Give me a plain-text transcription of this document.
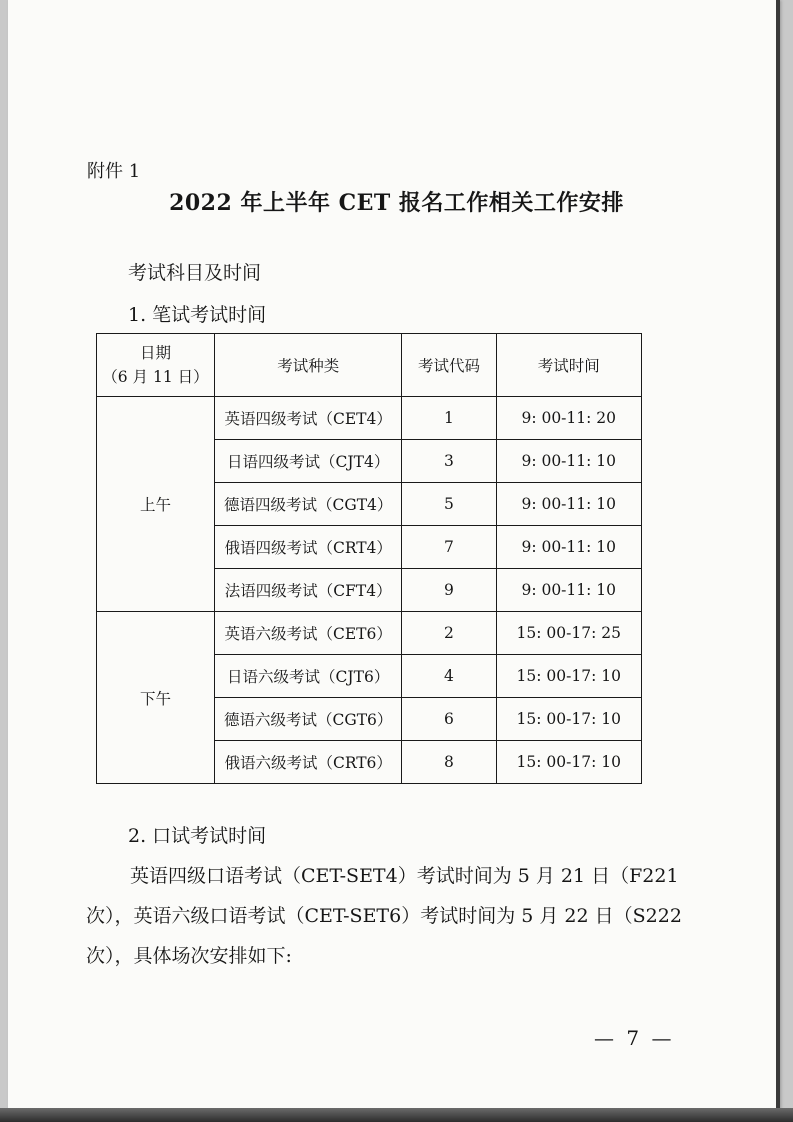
附件 1
2022 年上半年 CET 报名工作相关工作安排
考试科目及时间
1. 笔试考试时间
日期
（6 月 11 日）	考试种类	考试代码	考试时间
上午	英语四级考试（CET4）	1	9: 00-11: 20
	日语四级考试（CJT4）	3	9: 00-11: 10
	德语四级考试（CGT4）	5	9: 00-11: 10
	俄语四级考试（CRT4）	7	9: 00-11: 10
	法语四级考试（CFT4）	9	9: 00-11: 10
下午	英语六级考试（CET6）	2	15: 00-17: 25
	日语六级考试（CJT6）	4	15: 00-17: 10
	德语六级考试（CGT6）	6	15: 00-17: 10
	俄语六级考试（CRT6）	8	15: 00-17: 10
2. 口试考试时间
英语四级口语考试（CET-SET4）考试时间为 5 月 21 日（F221
次），英语六级口语考试（CET-SET6）考试时间为 5 月 22 日（S222
次），具体场次安排如下:
— 7 —
